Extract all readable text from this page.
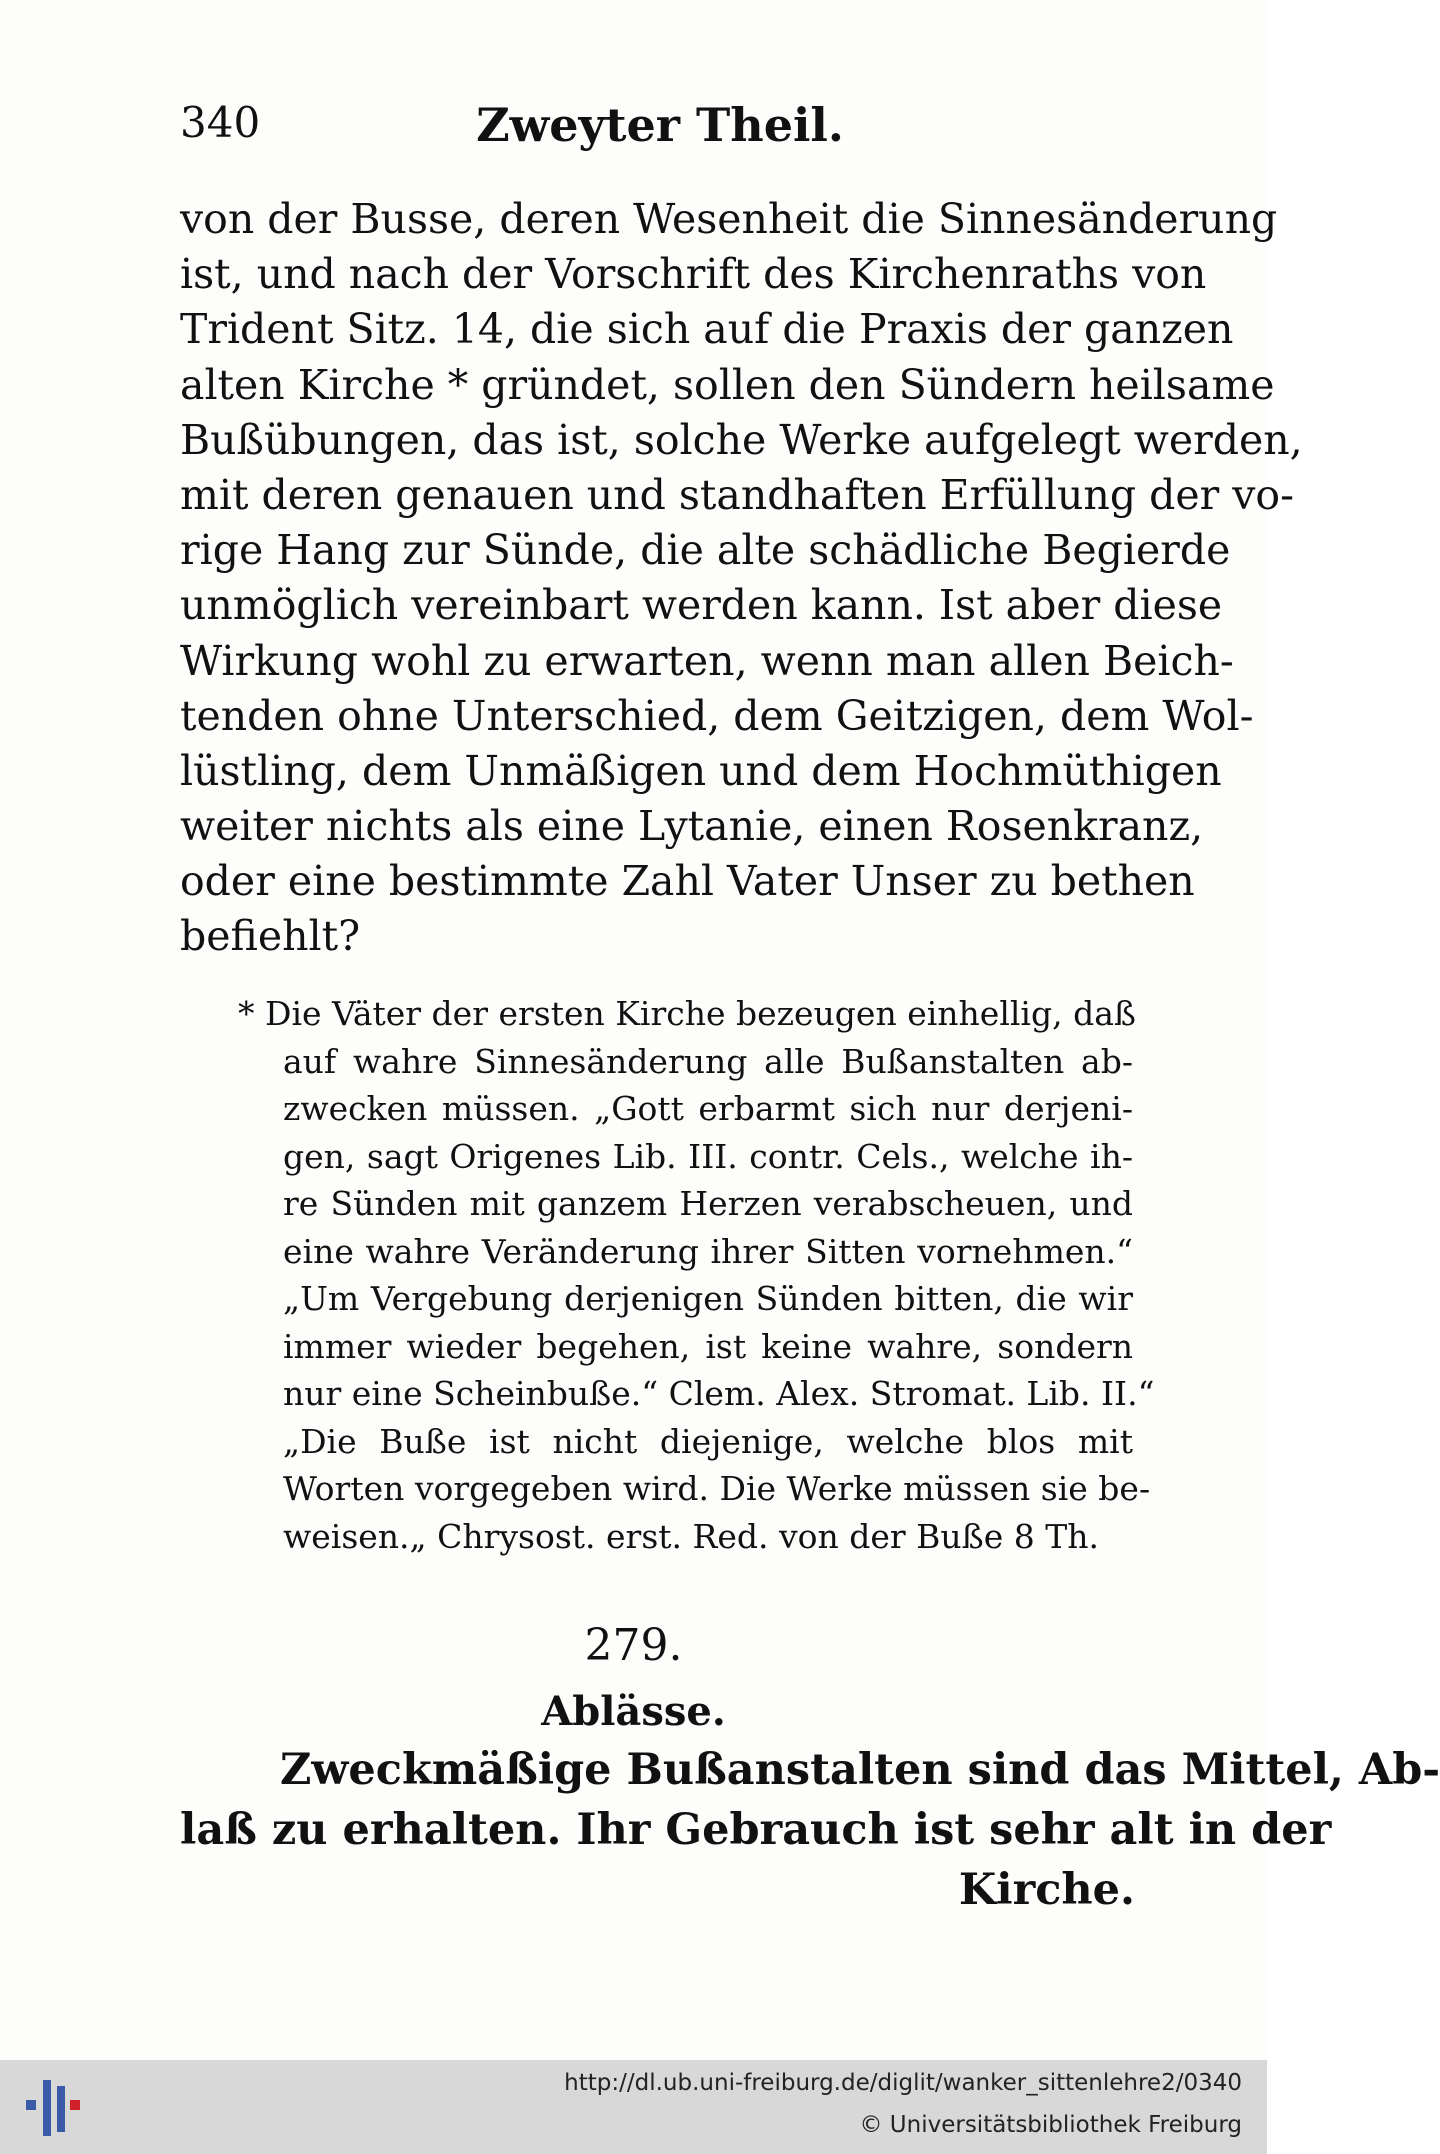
340	Zweyter Theil.
von der Busse, deren Wesenheit die Sinnesänderung
ist, und nach der Vorschrift des Kirchenraths von
Trident Sitz. 14, die sich auf die Praxis der ganzen
alten Kirche * gründet, sollen den Sündern heilsame
Bußübungen, das ist, solche Werke aufgelegt werden,
mit deren genauen und standhaften Erfüllung der vo-
rige Hang zur Sünde, die alte schädliche Begierde
unmöglich vereinbart werden kann. Ist aber diese
Wirkung wohl zu erwarten, wenn man allen Beich-
tenden ohne Unterschied, dem Geitzigen, dem Wol-
lüstling, dem Unmäßigen und dem Hochmüthigen
weiter nichts als eine Lytanie, einen Rosenkranz,
oder eine bestimmte Zahl Vater Unser zu bethen
befiehlt?
* Die Väter der ersten Kirche bezeugen einhellig, daß
auf wahre Sinnesänderung alle Bußanstalten ab-
zwecken müssen. „Gott erbarmt sich nur derjeni-
gen, sagt Origenes Lib. III. contr. Cels., welche ih-
re Sünden mit ganzem Herzen verabscheuen, und
eine wahre Veränderung ihrer Sitten vornehmen.“
„Um Vergebung derjenigen Sünden bitten, die wir
immer wieder begehen, ist keine wahre, sondern
nur eine Scheinbuße.“ Clem. Alex. Stromat. Lib. II.“
„Die Buße ist nicht diejenige, welche blos mit
Worten vorgegeben wird. Die Werke müssen sie be-
weisen.„ Chrysost. erst. Red. von der Buße 8 Th.
279.
Ablässe.
Zweckmäßige Bußanstalten sind das Mittel, Ab-
laß zu erhalten. Ihr Gebrauch ist sehr alt in der
Kirche.
http://dl.ub.uni-freiburg.de/diglit/wanker_sittenlehre2/0340
© Universitätsbibliothek Freiburg
